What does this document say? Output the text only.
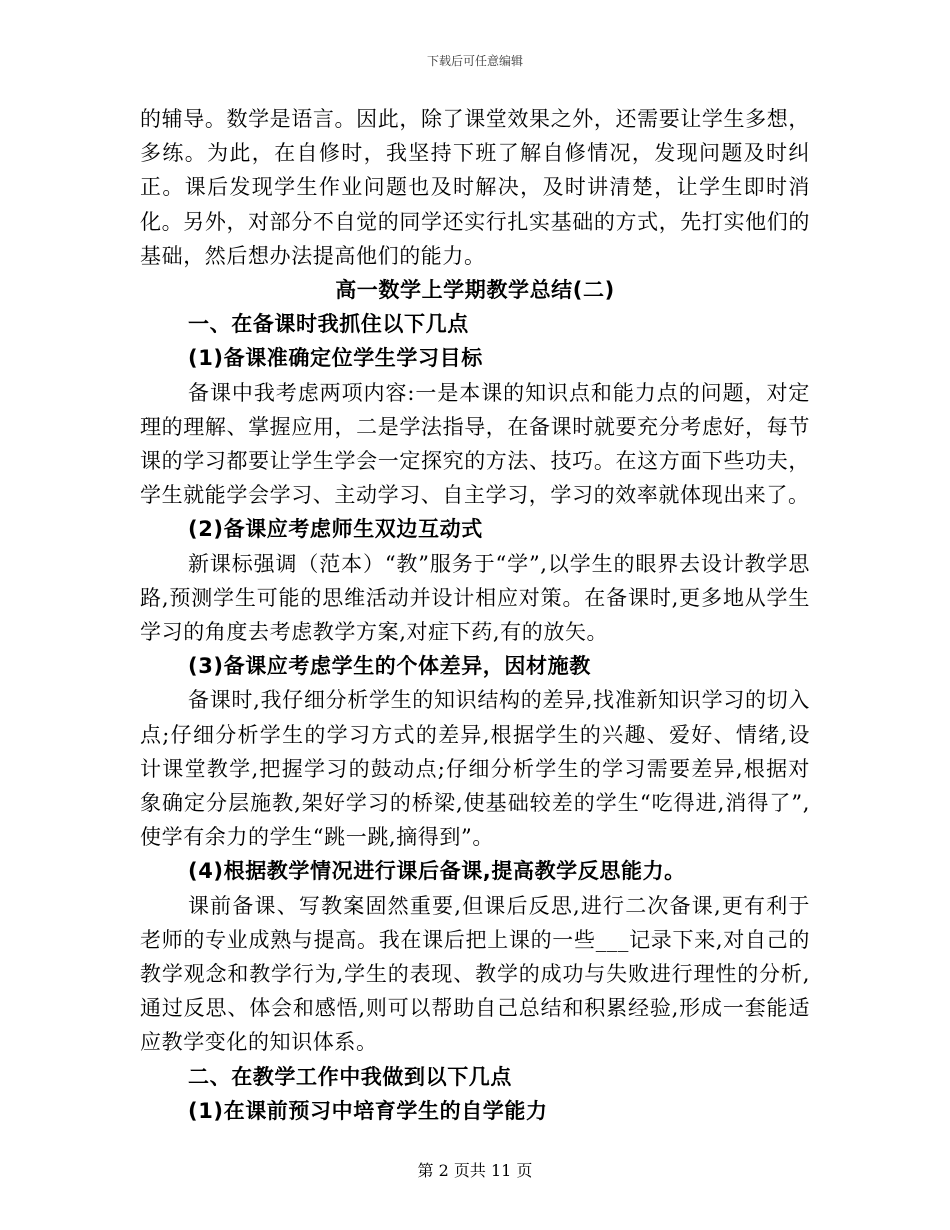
下载后可任意编辑

的辅导。数学是语言。因此，除了课堂效果之外，还需要让学生多想，多练。为此，在自修时，我坚持下班了解自修情况，发现问题及时纠正。课后发现学生作业问题也及时解决，及时讲清楚，让学生即时消化。另外，对部分不自觉的同学还实行扎实基础的方式，先打实他们的基础，然后想办法提高他们的能力。

高一数学上学期教学总结(二)

一、在备课时我抓住以下几点

(1)备课准确定位学生学习目标

备课中我考虑两项内容:一是本课的知识点和能力点的问题，对定理的理解、掌握应用，二是学法指导，在备课时就要充分考虑好，每节课的学习都要让学生学会一定探究的方法、技巧。在这方面下些功夫，学生就能学会学习、主动学习、自主学习，学习的效率就体现出来了。

(2)备课应考虑师生双边互动式

新课标强调（范本）“教”服务于“学”,以学生的眼界去设计教学思路,预测学生可能的思维活动并设计相应对策。在备课时,更多地从学生学习的角度去考虑教学方案,对症下药,有的放矢。

(3)备课应考虑学生的个体差异，因材施教

备课时,我仔细分析学生的知识结构的差异,找准新知识学习的切入点;仔细分析学生的学习方式的差异,根据学生的兴趣、爱好、情绪,设计课堂教学,把握学习的鼓动点;仔细分析学生的学习需要差异,根据对象确定分层施教,架好学习的桥梁,使基础较差的学生“吃得进,消得了”,使学有余力的学生“跳一跳,摘得到”。

(4)根据教学情况进行课后备课,提高教学反思能力。

课前备课、写教案固然重要,但课后反思,进行二次备课,更有利于老师的专业成熟与提高。我在课后把上课的一些___记录下来,对自己的教学观念和教学行为,学生的表现、教学的成功与失败进行理性的分析,通过反思、体会和感悟,则可以帮助自己总结和积累经验,形成一套能适应教学变化的知识体系。

二、在教学工作中我做到以下几点

(1)在课前预习中培育学生的自学能力

第 2 页共 11 页
